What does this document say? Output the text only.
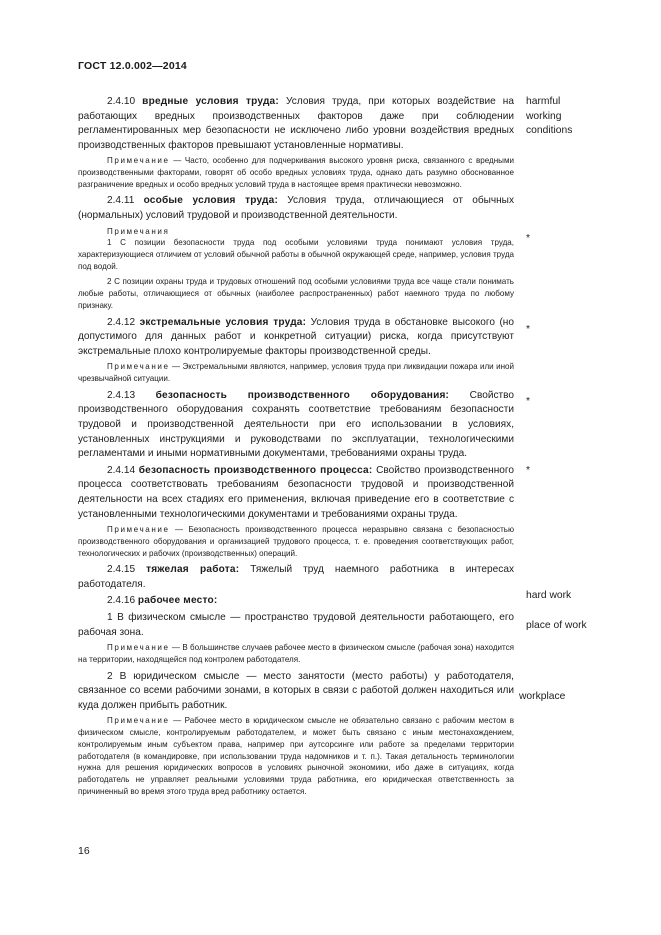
ГОСТ 12.0.002—2014

2.4.10 вредные условия труда: Условия труда, при которых воздействие на работающих вредных производственных факторов даже при соблюдении регламентированных мер безопасности не исключено либо уровни воздействия вредных производственных факторов превышают установленные нормативы.

Примечание — Часто, особенно для подчеркивания высокого уровня риска, связанного с вредными производственными факторами, говорят об особо вредных условиях труда, однако дать разумно обоснованное разграничение вредных и особо вредных условий труда в настоящее время практически невозможно.

2.4.11 особые условия труда: Условия труда, отличающиеся от обычных (нормальных) условий трудовой и производственной деятельности.

Примечания

1 С позиции безопасности труда под особыми условиями труда понимают условия труда, характеризующиеся отличием от условий обычной работы в обычной окружающей среде, например, условия труда под водой.

2 С позиции охраны труда и трудовых отношений под особыми условиями труда все чаще стали понимать любые работы, отличающиеся от обычных (наиболее распространенных) работ наемного труда по любому признаку.

2.4.12 экстремальные условия труда: Условия труда в обстановке высокого (но допустимого для данных работ и конкретной ситуации) риска, когда присутствуют экстремальные плохо контролируемые факторы производственной среды.

Примечание — Экстремальными являются, например, условия труда при ликвидации пожара или иной чрезвычайной ситуации.

2.4.13 безопасность производственного оборудования: Свойство производственного оборудования сохранять соответствие требованиям безопасности трудовой и производственной деятельности при его использовании в условиях, установленных инструкциями и руководствами по эксплуатации, технологическими регламентами и иными нормативными документами, требованиями охраны труда.

2.4.14 безопасность производственного процесса: Свойство производственного процесса соответствовать требованиям безопасности трудовой и производственной деятельности на всех стадиях его применения, включая приведение его в соответствие с установленными технологическими документами и требованиями охраны труда.

Примечание — Безопасность производственного процесса неразрывно связана с безопасностью производственного оборудования и организацией трудового процесса, т. е. проведения соответствующих работ, технологических и рабочих (производственных) операций.

2.4.15 тяжелая работа: Тяжелый труд наемного работника в интересах работодателя.

2.4.16 рабочее место:

1 В физическом смысле — пространство трудовой деятельности работающего, его рабочая зона.

Примечание — В большинстве случаев рабочее место в физическом смысле (рабочая зона) находится на территории, находящейся под контролем работодателя.

2 В юридическом смысле — место занятости (место работы) у работодателя, связанное со всеми рабочими зонами, в которых в связи с работой должен находиться или куда должен прибыть работник.

Примечание — Рабочее место в юридическом смысле не обязательно связано с рабочим местом в физическом смысле, контролируемым работодателем, и может быть связано с иным местонахождением, контролируемым иным субъектом права, например при аутсорсинге или работе за пределами территории работодателя (в командировке, при использовании труда надомников и т. п.). Такая детальность терминологии нужна для решения юридических вопросов в условиях рыночной экономики, ибо даже в ситуациях, когда работодатель не управляет реальными условиями труда работника, его юридическая ответственность за причиненный во время этого труда вред работнику остается.

harmful
working
conditions
*
*
*
*
hard work
place of work
workplace
16
